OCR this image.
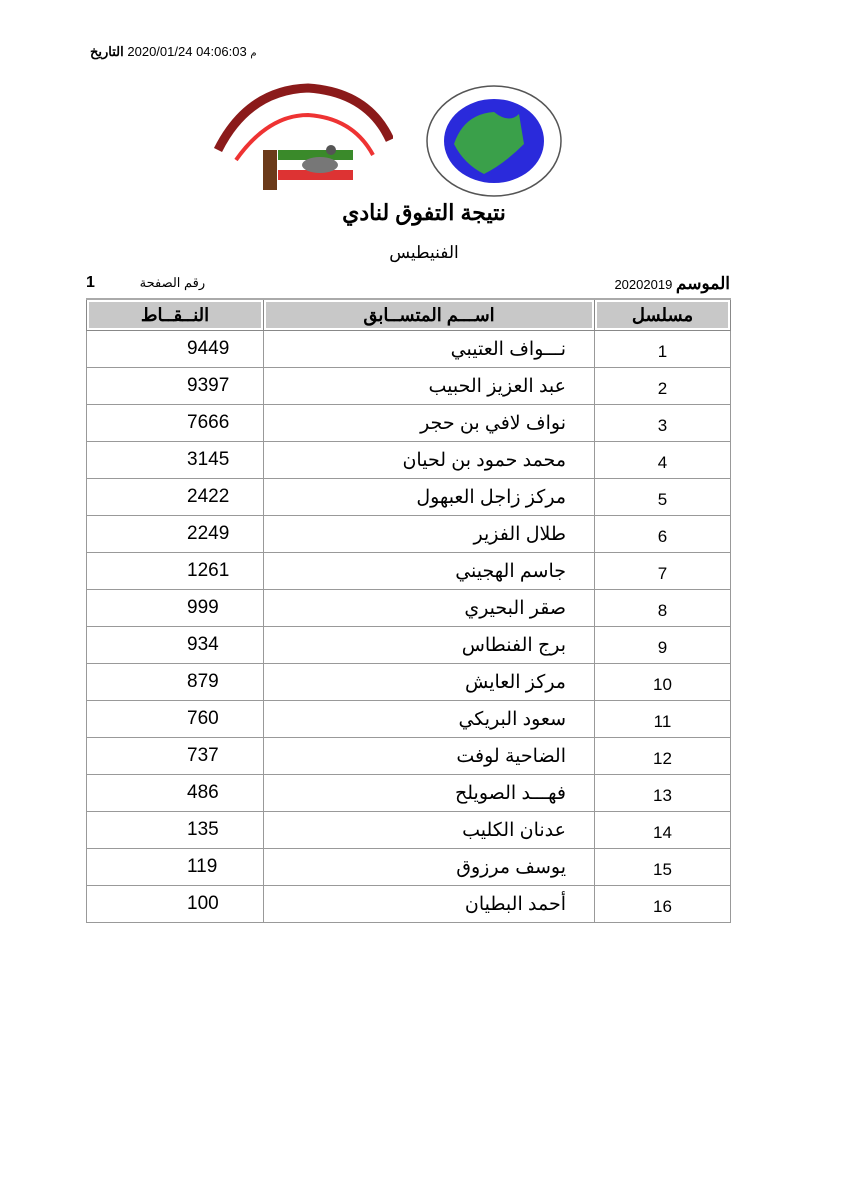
م 04:06:03 2020/01/24 التاريخ
نتيجة التفوق لنادي
الفنيطيس
الموسم 20202019
1	رقم الصفحة
مسلسل	اســـم المتســابق	النــقــاط
1	نـــواف العتيبي	9449
2	عبد العزيز الحبيب	9397
3	نواف لافي بن حجر	7666
4	محمد حمود بن لحيان	3145
5	مركز زاجل العبهول	2422
6	طلال الفزير	2249
7	جاسم الهجيني	1261
8	صقر البحيري	999
9	برج الفنطاس	934
10	مركز العايش	879
11	سعود البريكي	760
12	الضاحية لوفت	737
13	فهـــد الصويلح	486
14	عدنان الكليب	135
15	يوسف مرزوق	119
16	أحمد البطيان	100
